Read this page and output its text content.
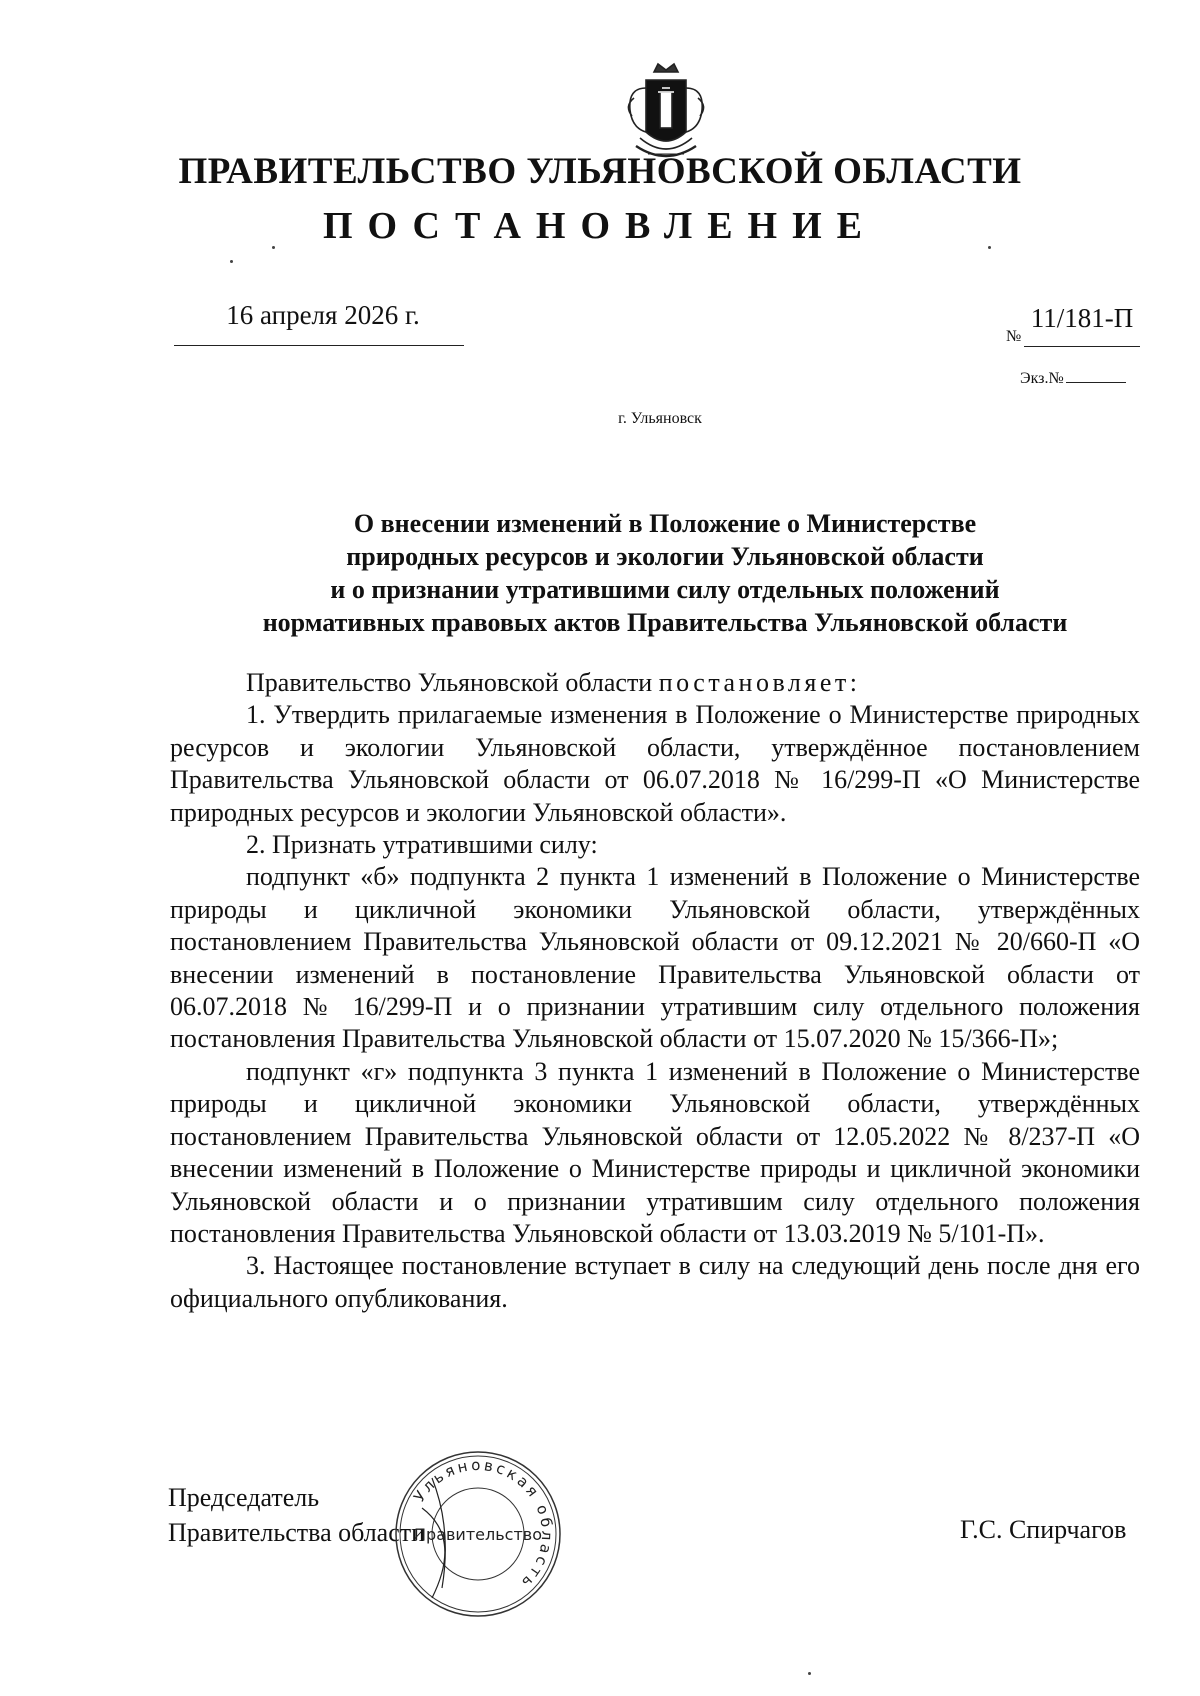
ПРАВИТЕЛЬСТВО УЛЬЯНОВСКОЙ ОБЛАСТИ
ПОСТАНОВЛЕНИЕ
16 апреля 2026 г.
№
11/181-П
Экз.№
г. Ульяновск
О внесении изменений в Положение о Министерстве
природных ресурсов и экологии Ульяновской области
и о признании утратившими силу отдельных положений
нормативных правовых актов Правительства Ульяновской области

Правительство Ульяновской области постановляет:

1. Утвердить прилагаемые изменения в Положение о Министерстве природных ресурсов и экологии Ульяновской области, утверждённое постановлением Правительства Ульяновской области от 06.07.2018 № 16/299-П «О Министерстве природных ресурсов и экологии Ульяновской области».

2. Признать утратившими силу:

подпункт «б» подпункта 2 пункта 1 изменений в Положение о Министерстве природы и цикличной экономики Ульяновской области, утверждённых постановлением Правительства Ульяновской области от 09.12.2021 № 20/660-П «О внесении изменений в постановление Правительства Ульяновской области от 06.07.2018 № 16/299-П и о признании утратившим силу отдельного положения постановления Правительства Ульяновской области от 15.07.2020 № 15/366-П»;

подпункт «г» подпункта 3 пункта 1 изменений в Положение о Министерстве природы и цикличной экономики Ульяновской области, утверждённых постановлением Правительства Ульяновской области от 12.05.2022 № 8/237-П «О внесении изменений в Положение о Министерстве природы и цикличной экономики Ульяновской области и о признании утратившим силу отдельного положения постановления Правительства Ульяновской области от 13.03.2019 № 5/101-П».

3. Настоящее постановление вступает в силу на следующий день после дня его официального опубликования.

Председатель
Правительства области
Ульяновская область
Правительство	Г.С. Спирчагов
